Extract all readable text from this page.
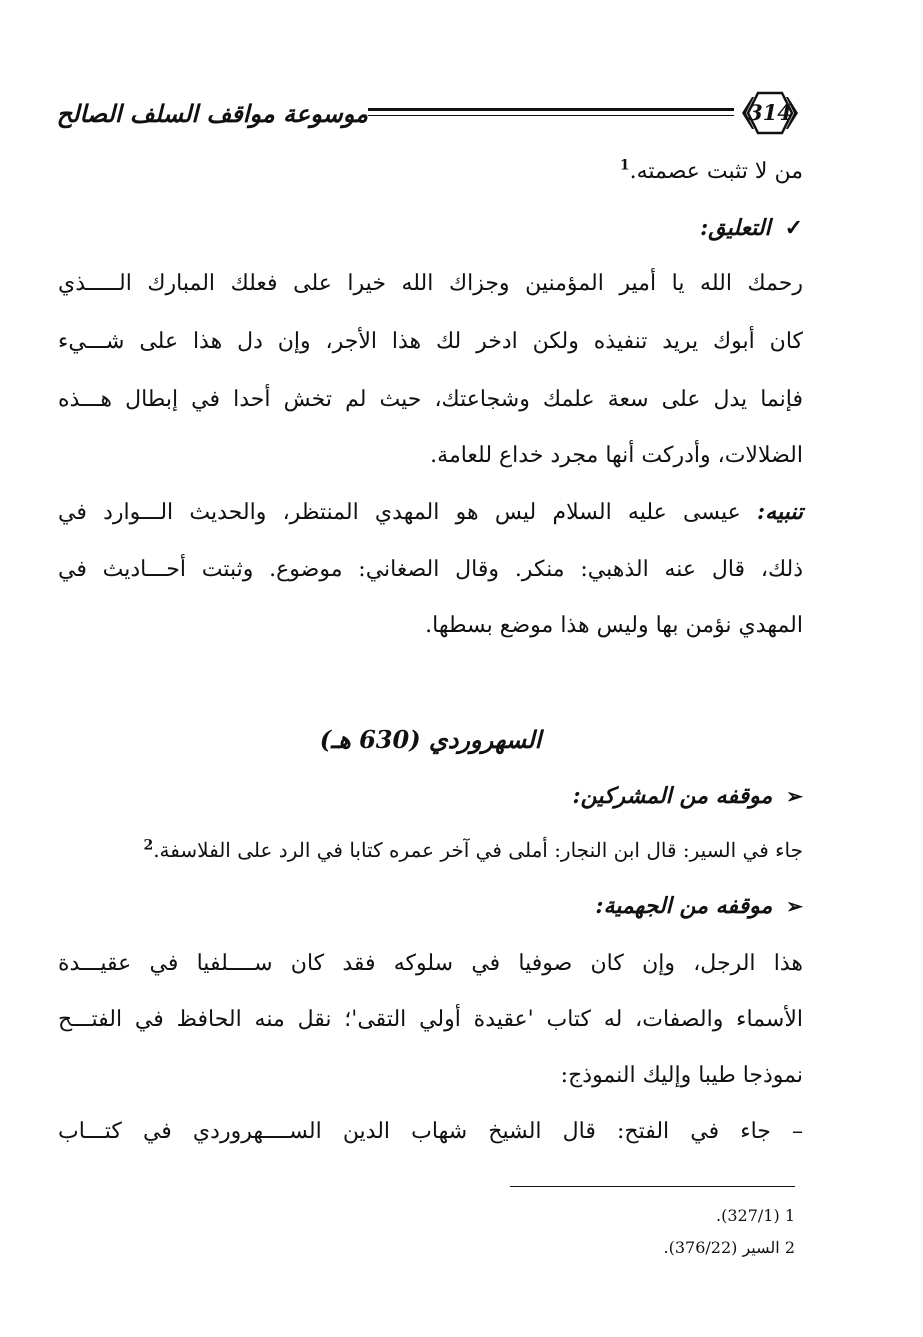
موسوعة مواقف السلف الصالح	314
من لا تثبت عصمته.$^1$
✓التعليق:

رحمك الله يا أمير المؤمنين وجزاك الله خيرا على فعلك المبارك الـــــذي

كان أبوك يريد تنفيذه ولكن ادخر لك هذا الأجر، وإن دل هذا على شـــيء

فإنما يدل على سعة علمك وشجاعتك، حيث لم تخش أحدا في إبطال هـــذه

الضلالات، وأدركت أنها مجرد خداع للعامة.

تنبيه: عيسى عليه السلام ليس هو المهدي المنتظر، والحديث الـــوارد في

ذلك، قال عنه الذهبي: منكر. وقال الصغاني: موضوع. وثبتت أحـــاديث في

المهدي نؤمن بها وليس هذا موضع بسطها.

السهروردي (630 هـ)
➢موقفه من المشركين:
جاء في السير: قال ابن النجار: أملى في آخر عمره كتابا في الرد على الفلاسفة.$^2$
➢موقفه من الجهمية:

هذا الرجل، وإن كان صوفيا في سلوكه فقد كان ســــلفيا في عقيـــدة

الأسماء والصفات، له كتاب 'عقيدة أولي التقى'؛ نقل منه الحافظ في الفتـــح

نموذجا طيبا وإليك النموذج:

– جاء في الفتح: قال الشيخ شهاب الدين الســــهروردي في كتـــاب

1 (327/1).
2 السير (376/22).
